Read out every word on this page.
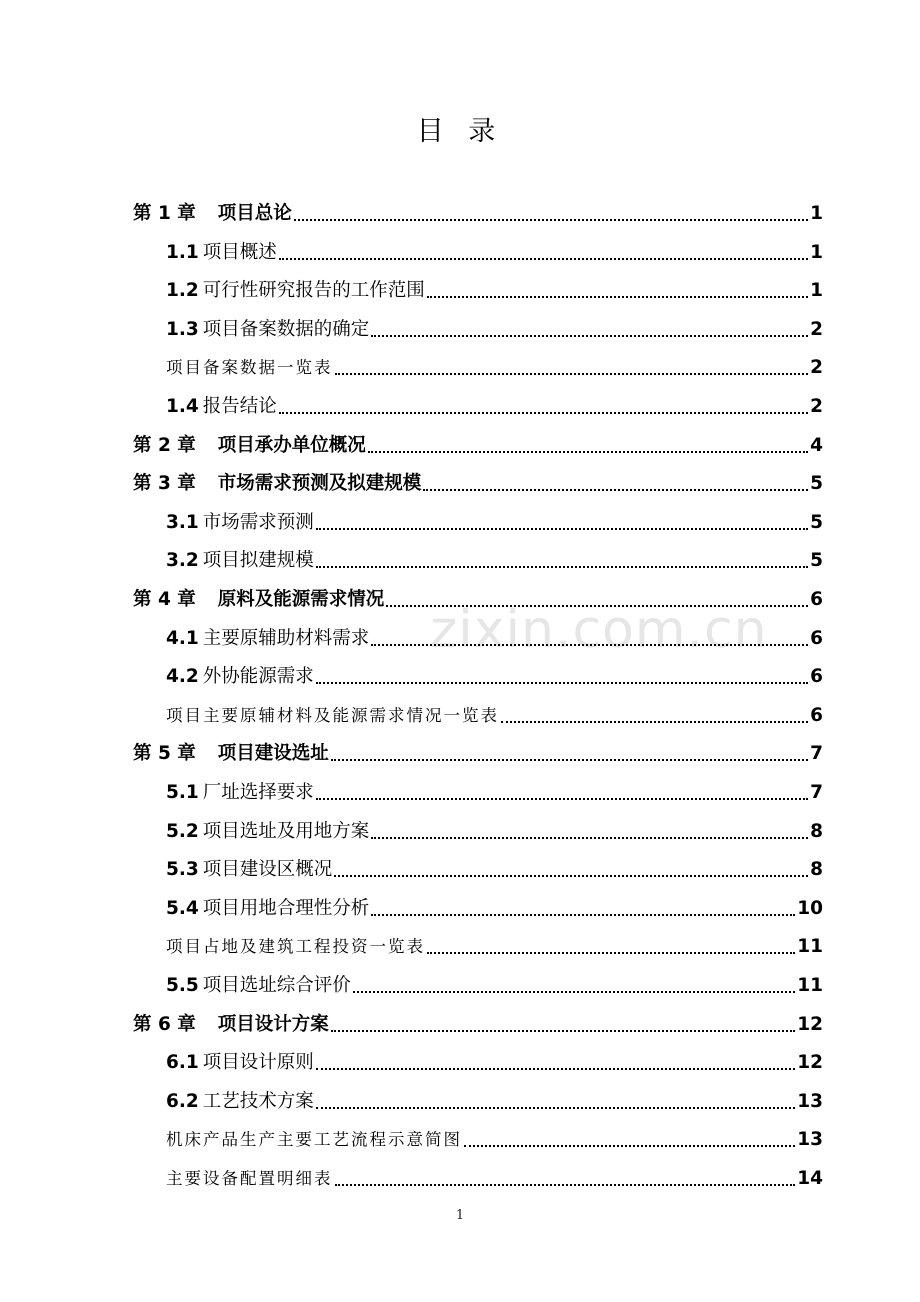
目 录
zixin.com.cn
第 1 章 项目总论	1
1.1 项目概述	1
1.2 可行性研究报告的工作范围	1
1.3 项目备案数据的确定	2
项目备案数据一览表	2
1.4 报告结论	2
第 2 章 项目承办单位概况	4
第 3 章 市场需求预测及拟建规模	5
3.1 市场需求预测	5
3.2 项目拟建规模	5
第 4 章 原料及能源需求情况	6
4.1 主要原辅助材料需求	6
4.2 外协能源需求	6
项目主要原辅材料及能源需求情况一览表	6
第 5 章 项目建设选址	7
5.1 厂址选择要求	7
5.2 项目选址及用地方案	8
5.3 项目建设区概况	8
5.4 项目用地合理性分析	10
项目占地及建筑工程投资一览表	11
5.5 项目选址综合评价	11
第 6 章 项目设计方案	12
6.1 项目设计原则	12
6.2 工艺技术方案	13
机床产品生产主要工艺流程示意简图	13
主要设备配置明细表	14
1
